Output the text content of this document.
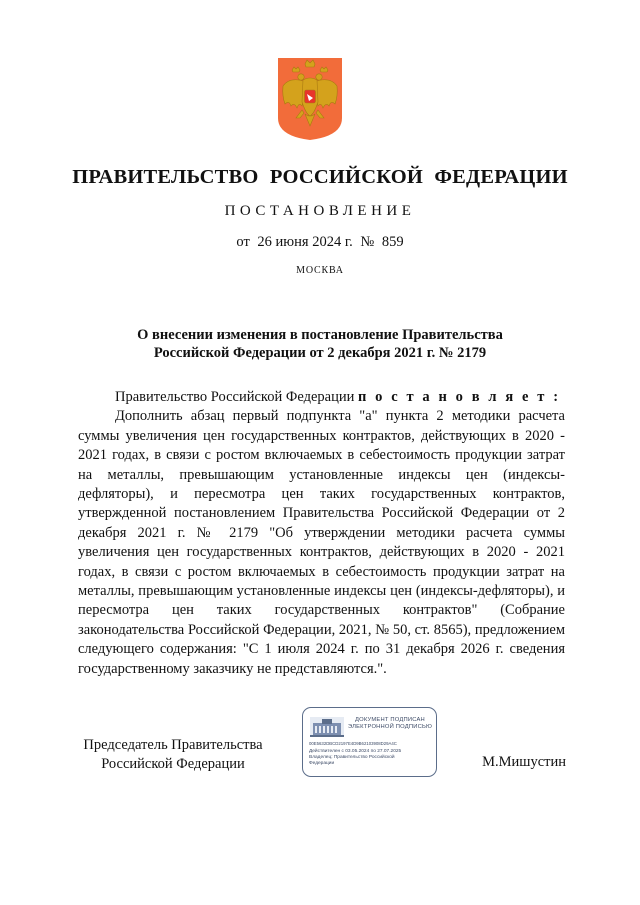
ПРАВИТЕЛЬСТВО РОССИЙСКОЙ ФЕДЕРАЦИИ
ПОСТАНОВЛЕНИЕ
от 26 июня 2024 г. № 859
МОСКВА
О внесении изменения в постановление Правительства
Российской Федерации от 2 декабря 2021 г. № 2179

Правительство Российской Федерации п о с т а н о в л я е т :

Дополнить абзац первый подпункта "а" пункта 2 методики расчета суммы увеличения цен государственных контрактов, действующих в 2020 - 2021 годах, в связи с ростом включаемых в себестоимость продукции затрат на металлы, превышающим установленные индексы цен (индексы-дефляторы), и пересмотра цен таких государственных контрактов, утвержденной постановлением Правительства Российской Федерации от 2 декабря 2021 г. № 2179 "Об утверждении методики расчета суммы увеличения цен государственных контрактов, действующих в 2020 - 2021 годах, в связи с ростом включаемых в себестоимость продукции затрат на металлы, превышающим установленные индексы цен (индексы-дефляторы), и пересмотра цен таких государственных контрактов" (Собрание законодательства Российской Федерации, 2021, № 50, ст. 8565), предложением следующего содержания: "С 1 июля 2024 г. по 31 декабря 2026 г. сведения государственному заказчику не представляются.".

Председатель Правительства
Российской Федерации
ДОКУМЕНТ ПОДПИСАН
ЭЛЕКТРОННОЙ ПОДПИСЬЮ
00E5632DBCD2197E4D9B62103908D29A4C
Действителен с 03.05.2024 по 27.07.2025
Владелец: Правительство Российской
Федерации	М.Мишустин
